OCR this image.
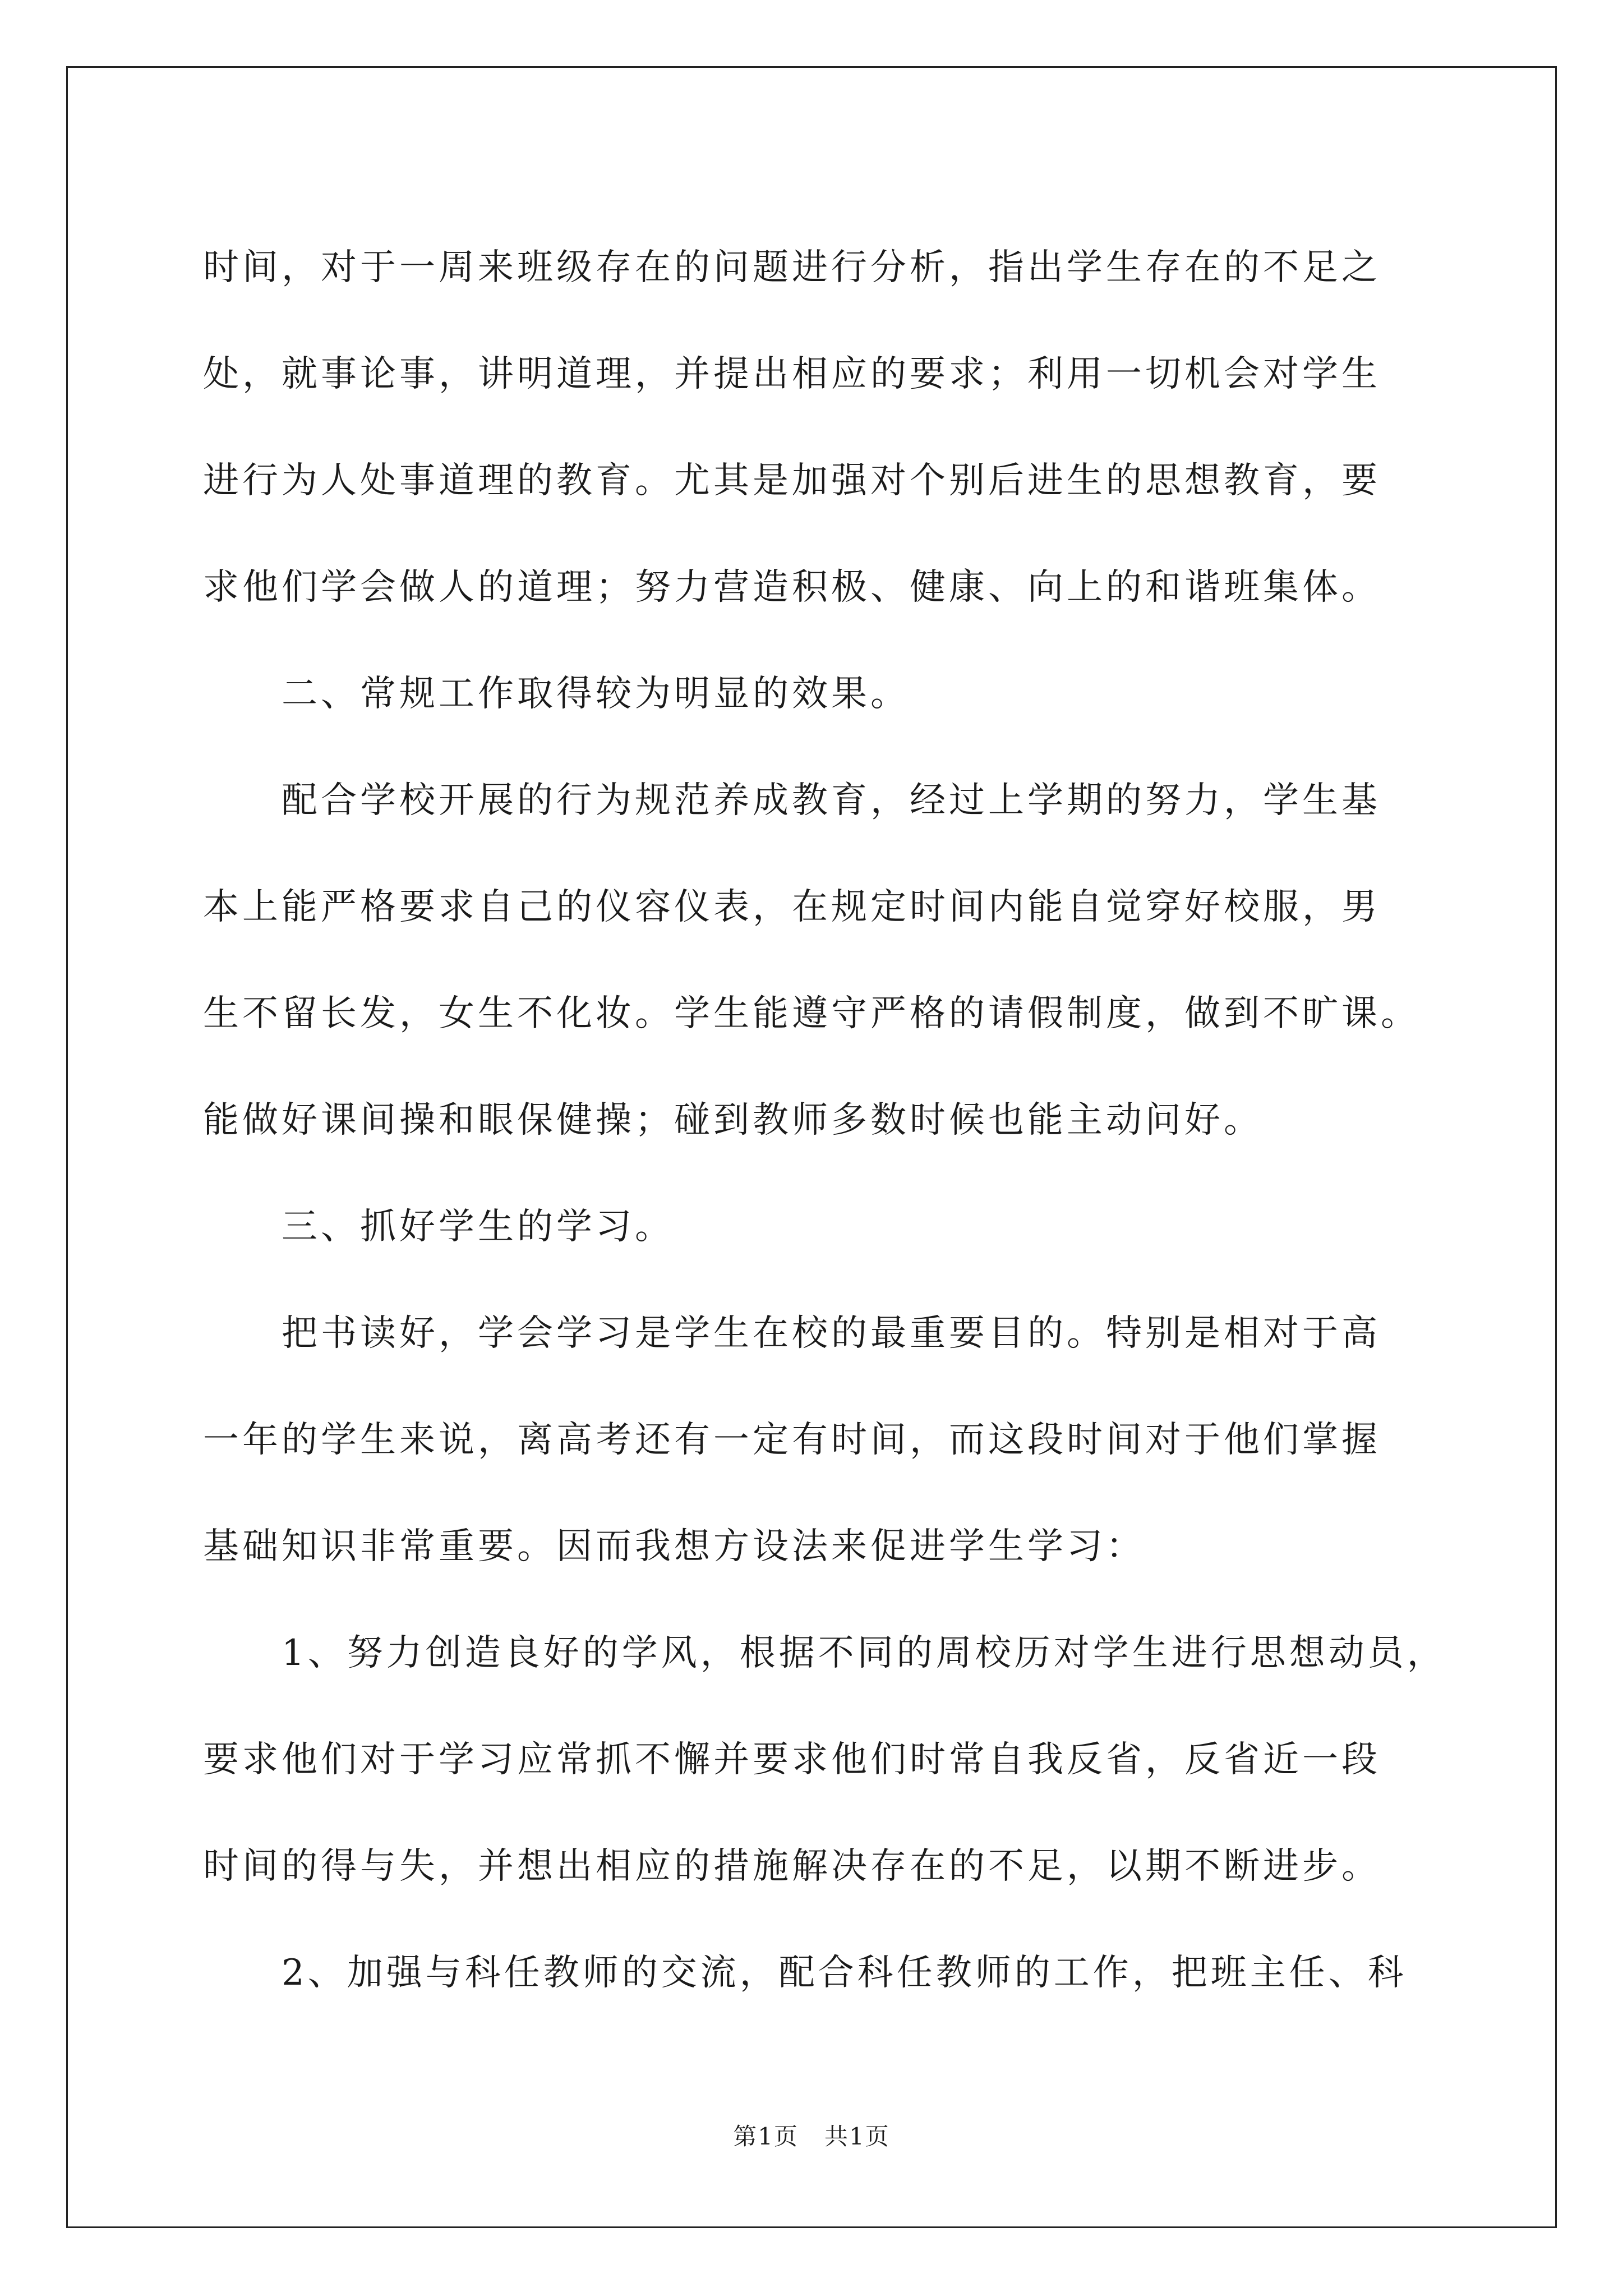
时间，对于一周来班级存在的问题进行分析，指出学生存在的不足之
处，就事论事，讲明道理，并提出相应的要求；利用一切机会对学生
进行为人处事道理的教育。尤其是加强对个别后进生的思想教育，要
求他们学会做人的道理；努力营造积极、健康、向上的和谐班集体。
二、常规工作取得较为明显的效果。
配合学校开展的行为规范养成教育，经过上学期的努力，学生基
本上能严格要求自己的仪容仪表，在规定时间内能自觉穿好校服，男
生不留长发，女生不化妆。学生能遵守严格的请假制度，做到不旷课。
能做好课间操和眼保健操；碰到教师多数时候也能主动问好。
三、抓好学生的学习。
把书读好，学会学习是学生在校的最重要目的。特别是相对于高
一年的学生来说，离高考还有一定有时间，而这段时间对于他们掌握
基础知识非常重要。因而我想方设法来促进学生学习：
1、努力创造良好的学风，根据不同的周校历对学生进行思想动员，
要求他们对于学习应常抓不懈并要求他们时常自我反省，反省近一段
时间的得与失，并想出相应的措施解决存在的不足，以期不断进步。
2、加强与科任教师的交流，配合科任教师的工作，把班主任、科
第1页   共1页
